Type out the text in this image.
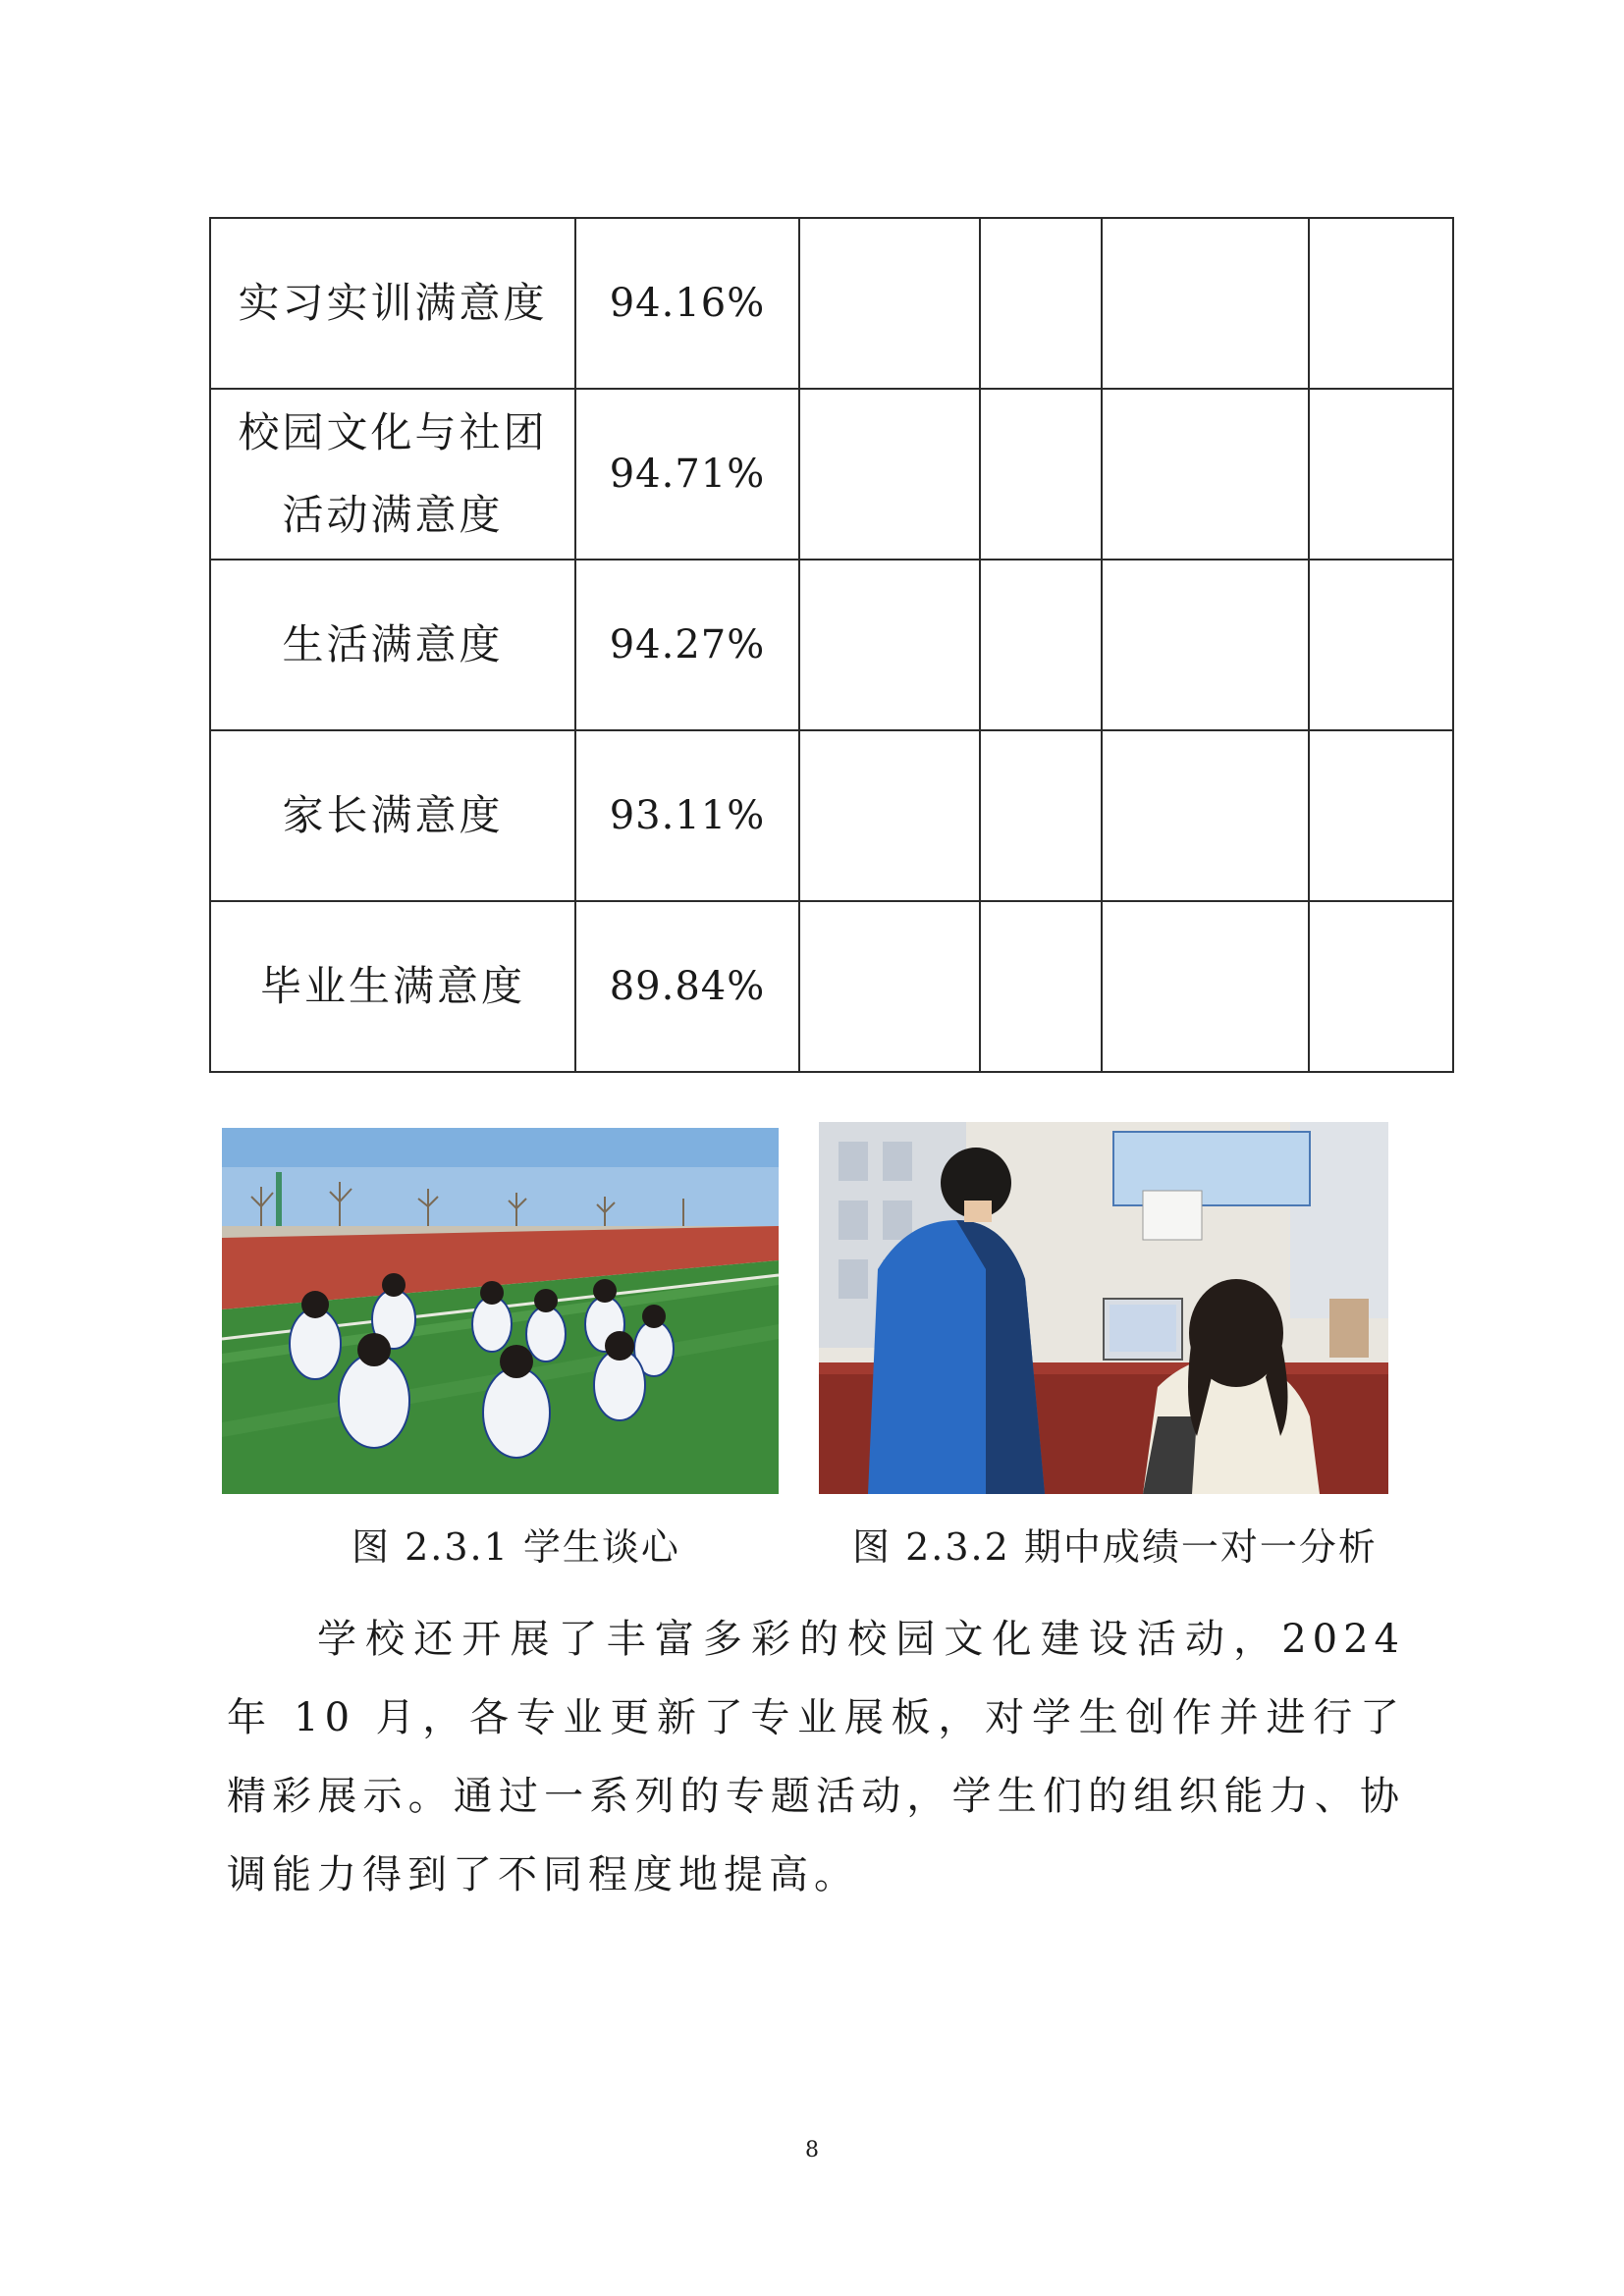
实习实训满意度	94.16%				
校园文化与社团活动满意度	94.71%				
生活满意度	94.27%				
家长满意度	93.11%				
毕业生满意度	89.84%				
图 2.3.1 学生谈心	图 2.3.2 期中成绩一对一分析
学校还开展了丰富多彩的校园文化建设活动，2024 年 10 月，各专业更新了专业展板，对学生创作并进行了精彩展示。通过一系列的专题活动，学生们的组织能力、协调能力得到了不同程度地提高。
8
